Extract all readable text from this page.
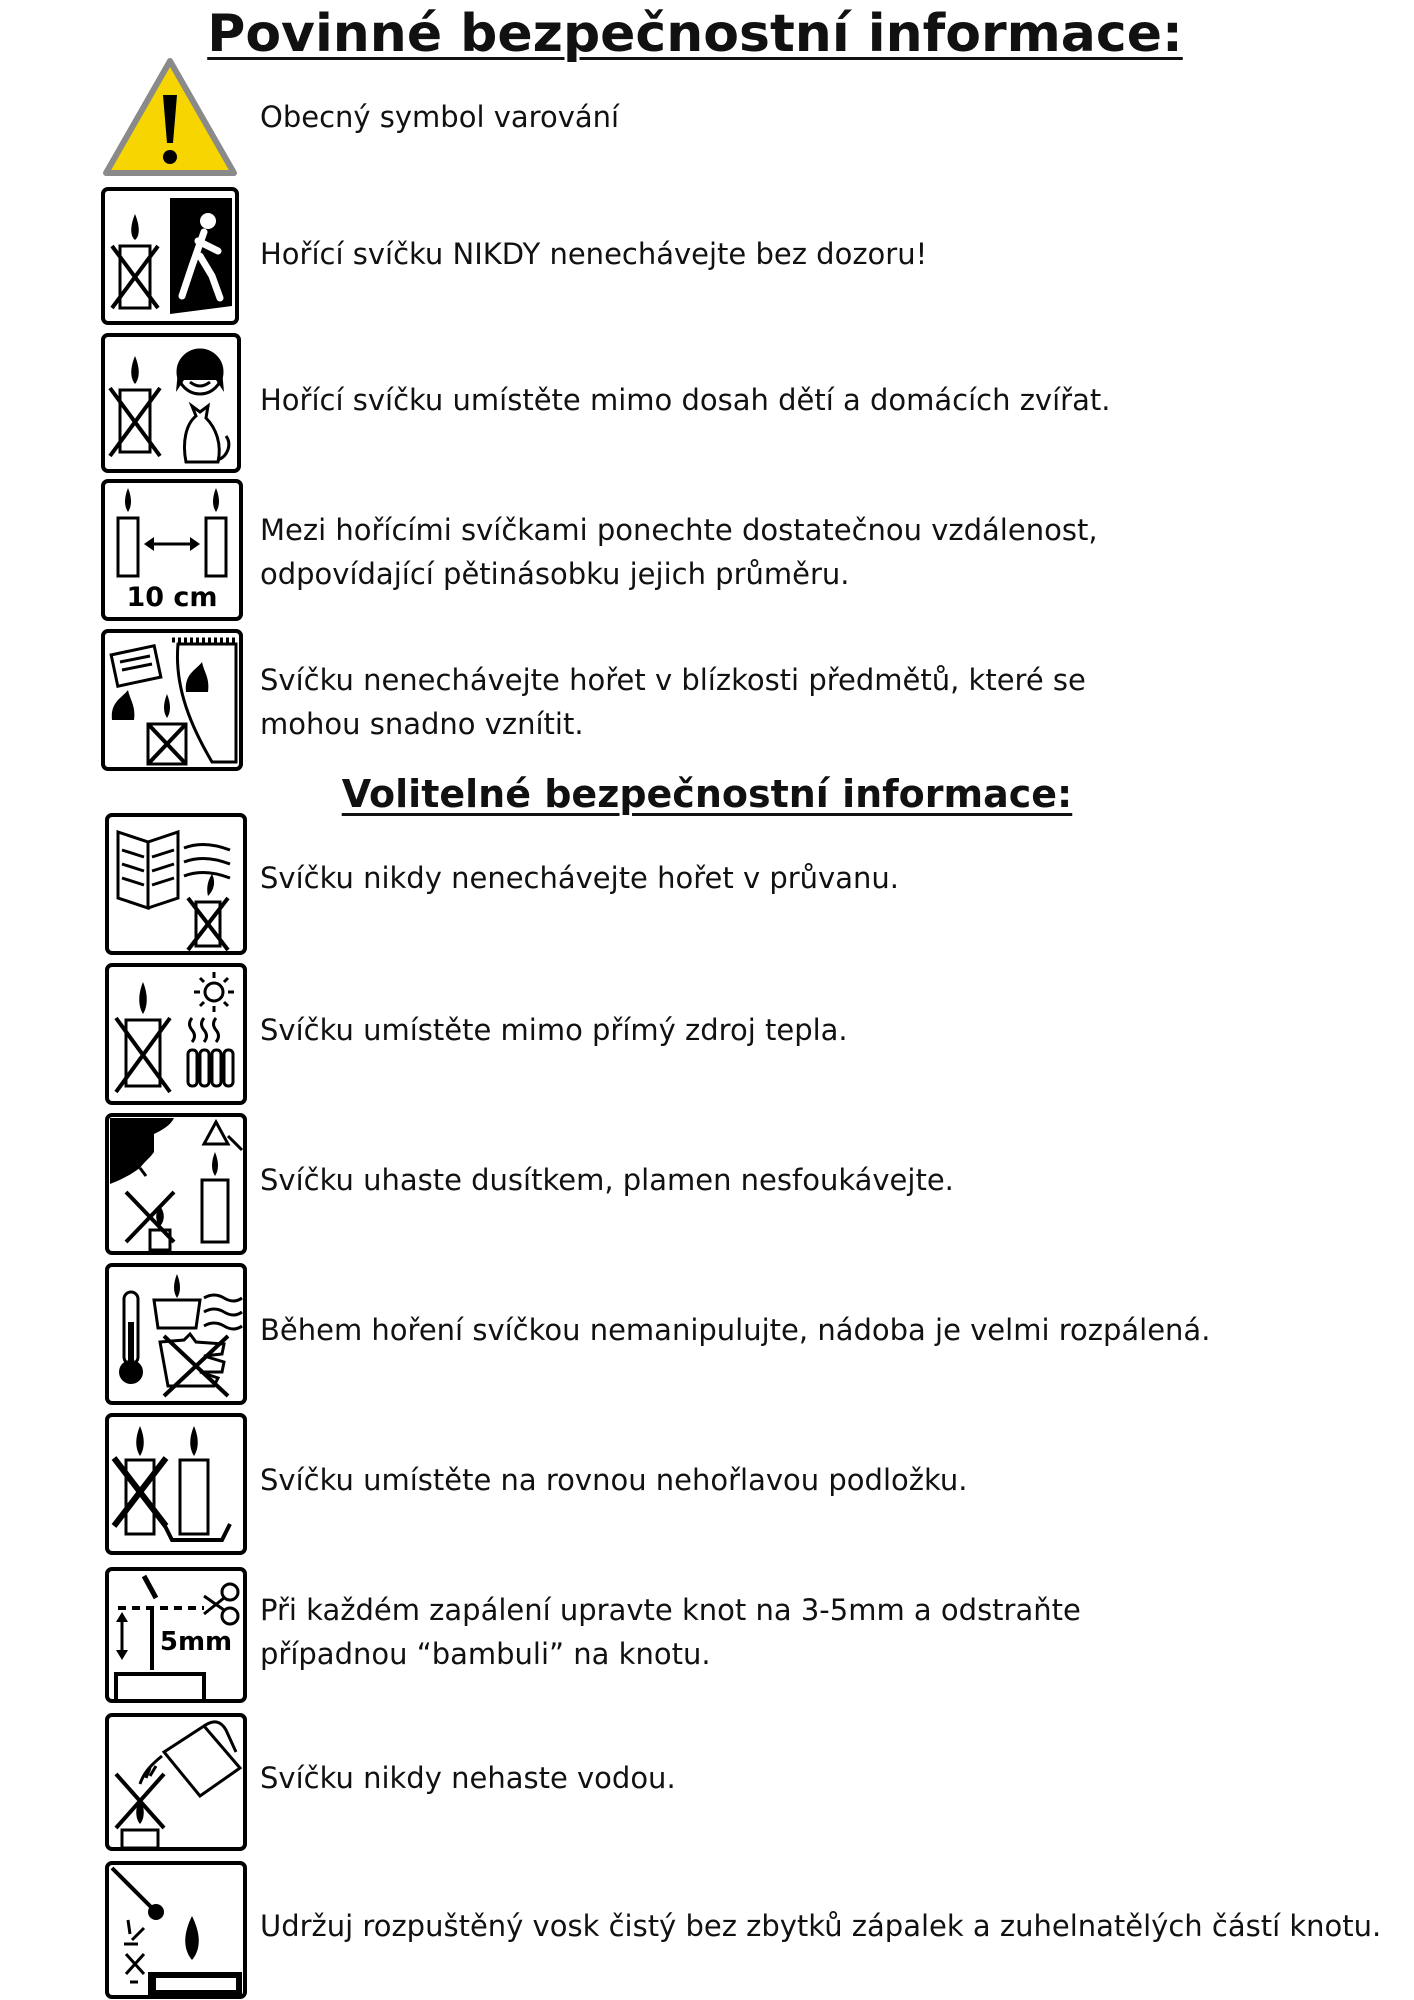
Povinné bezpečnostní informace:
Obecný symbol varování
Hořící svíčku NIKDY nenechávejte bez dozoru!
Hořící svíčku umístěte mimo dosah dětí a domácích zvířat.
10 cm
Mezi hořícími svíčkami ponechte dostatečnou vzdálenost,
odpovídající pětinásobku jejich průměru.
Svíčku nenechávejte hořet v blízkosti předmětů, které se
mohou snadno vznítit.
Volitelné bezpečnostní informace:
Svíčku nikdy nenechávejte hořet v průvanu.
Svíčku umístěte mimo přímý zdroj tepla.
Svíčku uhaste dusítkem, plamen nesfoukávejte.
Během hoření svíčkou nemanipulujte, nádoba je velmi rozpálená.
Svíčku umístěte na rovnou nehořlavou podložku.
5mm
Při každém zapálení upravte knot na 3-5mm a odstraňte
případnou “bambuli” na knotu.
Svíčku nikdy nehaste vodou.
Udržuj rozpuštěný vosk čistý bez zbytků zápalek a zuhelnatělých částí knotu.
